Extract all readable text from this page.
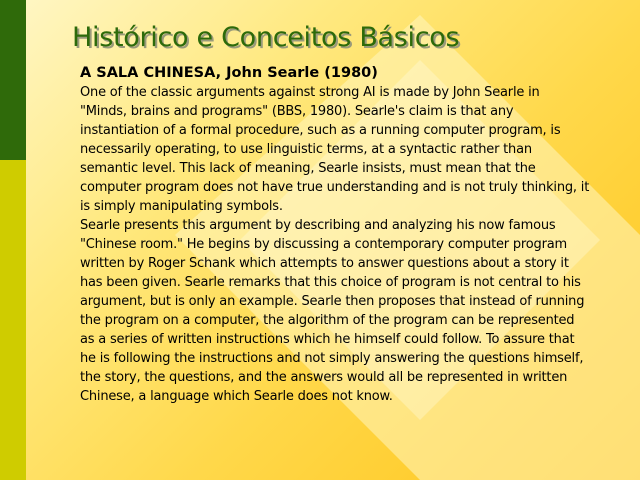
Histórico e Conceitos Básicos

A SALA CHINESA, John Searle (1980)

One of the classic arguments against strong AI is made by John Searle in "Minds, brains and programs" (BBS, 1980). Searle's claim is that any instantiation of a formal procedure, such as a running computer program, is necessarily operating, to use linguistic terms, at a syntactic rather than semantic level. This lack of meaning, Searle insists, must mean that the computer program does not have true understanding and is not truly thinking, it is simply manipulating symbols.

Searle presents this argument by describing and analyzing his now famous "Chinese room." He begins by discussing a contemporary computer program written by Roger Schank which attempts to answer questions about a story it has been given. Searle remarks that this choice of program is not central to his argument, but is only an example. Searle then proposes that instead of running the program on a computer, the algorithm of the program can be represented as a series of written instructions which he himself could follow. To assure that he is following the instructions and not simply answering the questions himself, the story, the questions, and the answers would all be represented in written Chinese, a language which Searle does not know.
